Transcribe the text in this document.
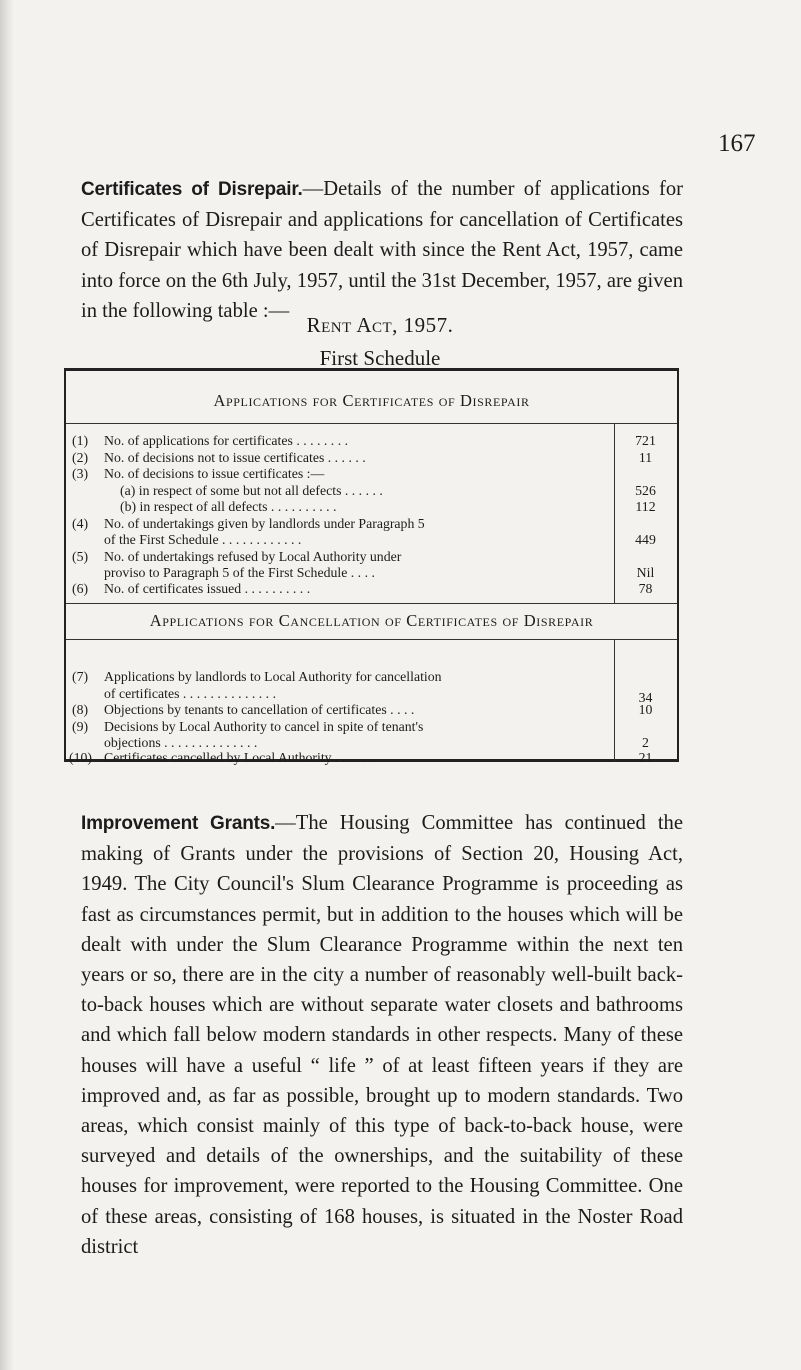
167

Certificates of Disrepair.—Details of the number of applications for Certificates of Disrepair and applications for cancellation of Certificates of Disrepair which have been dealt with since the Rent Act, 1957, came into force on the 6th July, 1957, until the 31st December, 1957, are given in the following table :—

Rent Act, 1957.
First Schedule
Applications for Certificates of Disrepair
(1) No. of applications for certificates . . . . . . . .	721
(2) No. of decisions not to issue certificates . . . . . .	11
(3) No. of decisions to issue certificates :—
(a) in respect of some but not all defects . . . . . .	526
(b) in respect of all defects . . . . . . . . . .	112
(4) No. of undertakings given by landlords under Paragraph 5
of the First Schedule . . . . . . . . . . . .	449
(5) No. of undertakings refused by Local Authority under
proviso to Paragraph 5 of the First Schedule . . . .	Nil
(6) No. of certificates issued . . . . . . . . . .	78
Applications for Cancellation of Certificates of Disrepair
(7) Applications by landlords to Local Authority for cancellation
of certificates . . . . . . . . . . . . . .	34
(8) Objections by tenants to cancellation of certificates . . . .	10
(9) Decisions by Local Authority to cancel in spite of tenant's
objections . . . . . . . . . . . . . .	2
(10) Certificates cancelled by Local Authority . . . . . .	21

Improvement Grants.—The Housing Committee has continued the making of Grants under the provisions of Section 20, Housing Act, 1949. The City Council's Slum Clearance Programme is proceeding as fast as circumstances permit, but in addition to the houses which will be dealt with under the Slum Clearance Programme within the next ten years or so, there are in the city a number of reasonably well-built back-to-back houses which are without separate water closets and bathrooms and which fall below modern standards in other respects. Many of these houses will have a useful “ life ” of at least fifteen years if they are improved and, as far as possible, brought up to modern standards. Two areas, which consist mainly of this type of back-to-back house, were surveyed and details of the ownerships, and the suitability of these houses for improvement, were reported to the Housing Committee. One of these areas, consisting of 168 houses, is situated in the Noster Road district
